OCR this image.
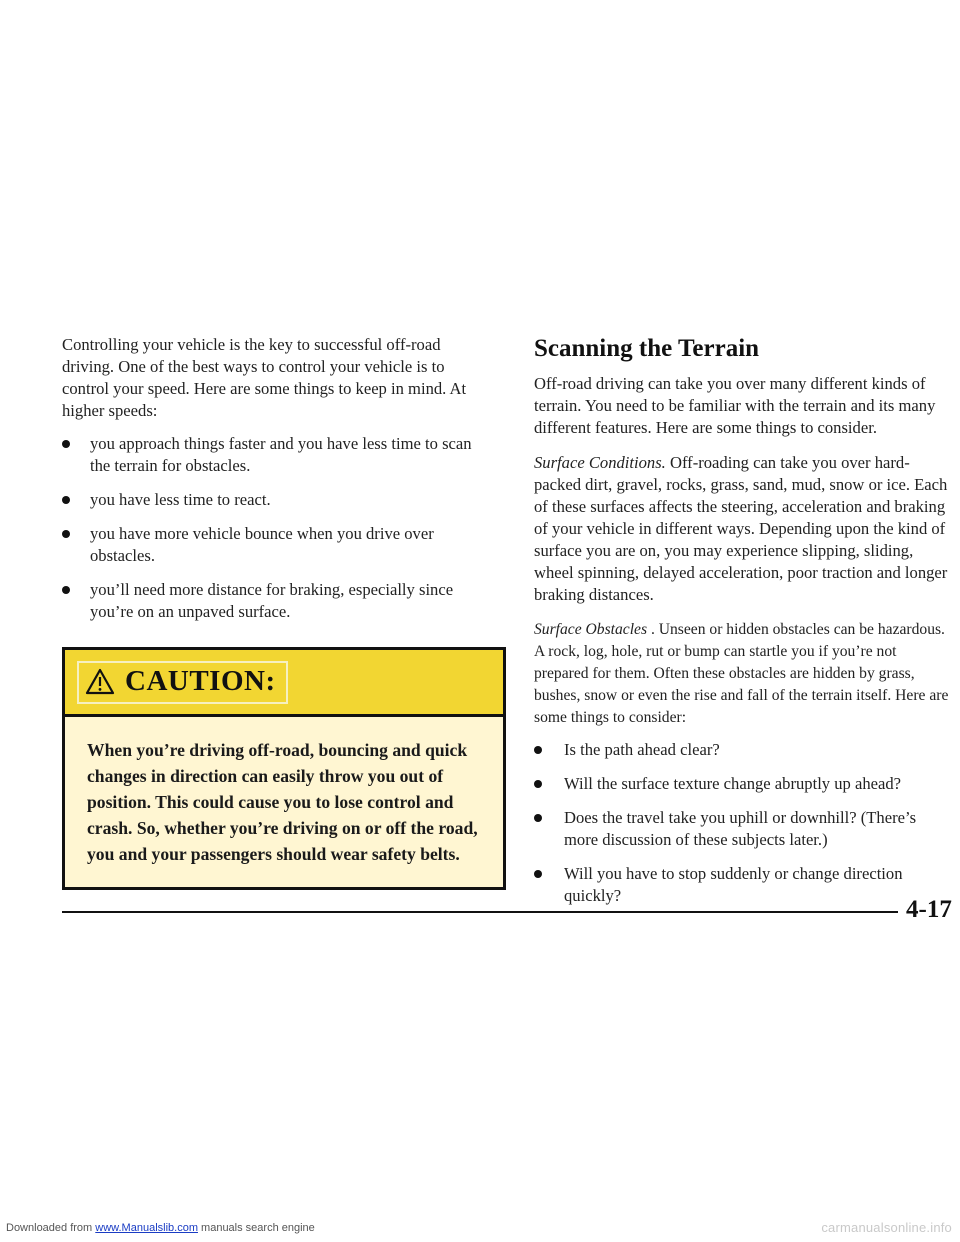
Downloaded from www.Manualslib.com manuals search engine	carmanualsonline.info

Controlling your vehicle is the key to successful off-road driving. One of the best ways to control your vehicle is to control your speed. Here are some things to keep in mind. At higher speeds:

you approach things faster and you have less time to scan the terrain for obstacles.
you have less time to react.
you have more vehicle bounce when you drive over obstacles.
you’ll need more distance for braking, especially since you’re on an unpaved surface.
CAUTION:

When you’re driving off-road, bouncing and quick changes in direction can easily throw you out of position. This could cause you to lose control and crash. So, whether you’re driving on or off the road, you and your passengers should wear safety belts.

Scanning the Terrain

Off-road driving can take you over many different kinds of terrain. You need to be familiar with the terrain and its many different features. Here are some things to consider.

Surface Conditions. Off-roading can take you over hard-packed dirt, gravel, rocks, grass, sand, mud, snow or ice. Each of these surfaces affects the steering, acceleration and braking of your vehicle in different ways. Depending upon the kind of surface you are on, you may experience slipping, sliding, wheel spinning, delayed acceleration, poor traction and longer braking distances.

Surface Obstacles . Unseen or hidden obstacles can be hazardous. A rock, log, hole, rut or bump can startle you if you’re not prepared for them. Often these obstacles are hidden by grass, bushes, snow or even the rise and fall of the terrain itself. Here are some things to consider:

Is the path ahead clear?
Will the surface texture change abruptly up ahead?
Does the travel take you uphill or downhill? (There’s more discussion of these subjects later.)
Will you have to stop suddenly or change direction quickly?
4-17
